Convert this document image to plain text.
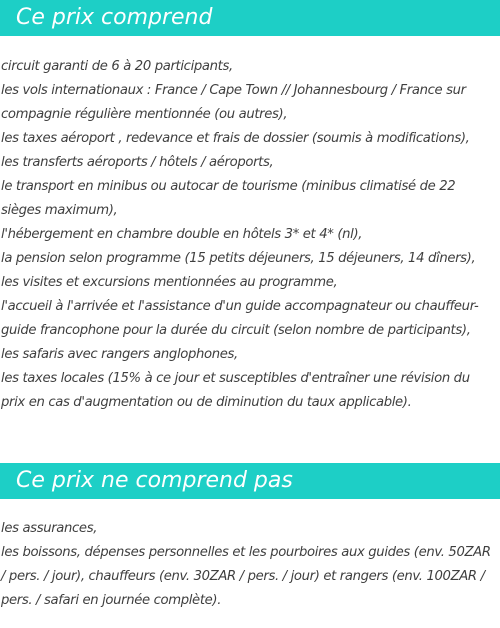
Ce prix comprend
circuit garanti de 6 à 20 participants,
les vols internationaux : France / Cape Town // Johannesbourg / France sur compagnie régulière mentionnée (ou autres),
les taxes aéroport , redevance et frais de dossier (soumis à modifications),
les transferts aéroports / hôtels / aéroports,
le transport en minibus ou autocar de tourisme (minibus climatisé de 22 sièges maximum),
l'hébergement en chambre double en hôtels 3* et 4* (nl),
la pension selon programme (15 petits déjeuners, 15 déjeuners, 14 dîners),
les visites et excursions mentionnées au programme,
l'accueil à l'arrivée et l'assistance d'un guide accompagnateur ou chauffeur-guide francophone pour la durée du circuit (selon nombre de participants),
les safaris avec rangers anglophones,
les taxes locales (15% à ce jour et susceptibles d'entraîner une révision du prix en cas d'augmentation ou de diminution du taux applicable).
Ce prix ne comprend pas
les assurances,
les boissons, dépenses personnelles et les pourboires aux guides (env. 50ZAR / pers. / jour), chauffeurs (env. 30ZAR / pers. / jour) et rangers (env. 100ZAR / pers. / safari en journée complète).
